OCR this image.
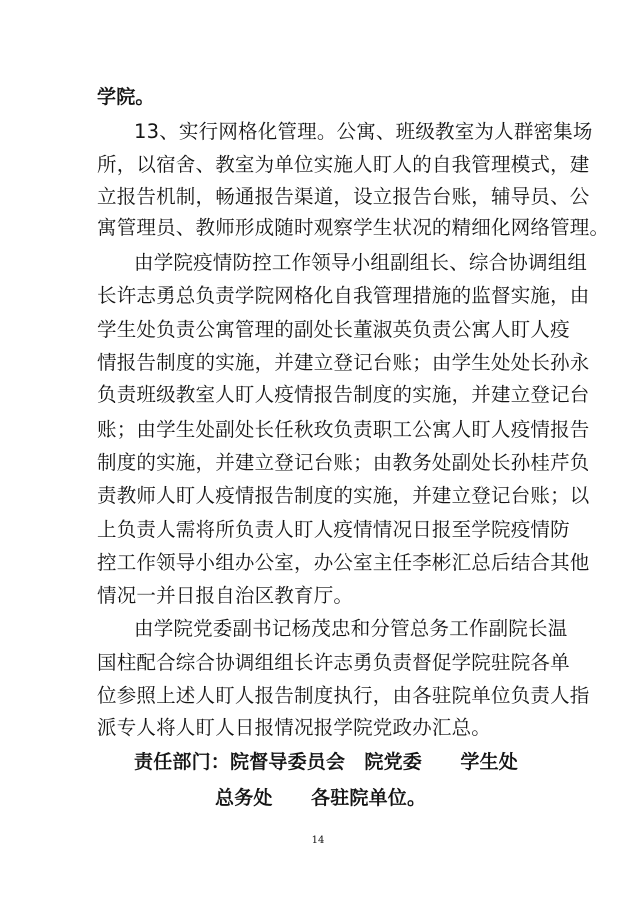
学院。
13、实行网格化管理。公寓、班级教室为人群密集场
所，以宿舍、教室为单位实施人盯人的自我管理模式，建
立报告机制，畅通报告渠道，设立报告台账，辅导员、公
寓管理员、教师形成随时观察学生状况的精细化网络管理。
由学院疫情防控工作领导小组副组长、综合协调组组
长许志勇总负责学院网格化自我管理措施的监督实施，由
学生处负责公寓管理的副处长董淑英负责公寓人盯人疫
情报告制度的实施，并建立登记台账；由学生处处长孙永
负责班级教室人盯人疫情报告制度的实施，并建立登记台
账；由学生处副处长任秋玫负责职工公寓人盯人疫情报告
制度的实施，并建立登记台账；由教务处副处长孙桂芹负
责教师人盯人疫情报告制度的实施，并建立登记台账；以
上负责人需将所负责人盯人疫情情况日报至学院疫情防
控工作领导小组办公室，办公室主任李彬汇总后结合其他
情况一并日报自治区教育厅。
由学院党委副书记杨茂忠和分管总务工作副院长温
国柱配合综合协调组组长许志勇负责督促学院驻院各单
位参照上述人盯人报告制度执行，由各驻院单位负责人指
派专人将人盯人日报情况报学院党政办汇总。
责任部门：院督导委员会　院党委　　学生处
总务处　　各驻院单位。
14
